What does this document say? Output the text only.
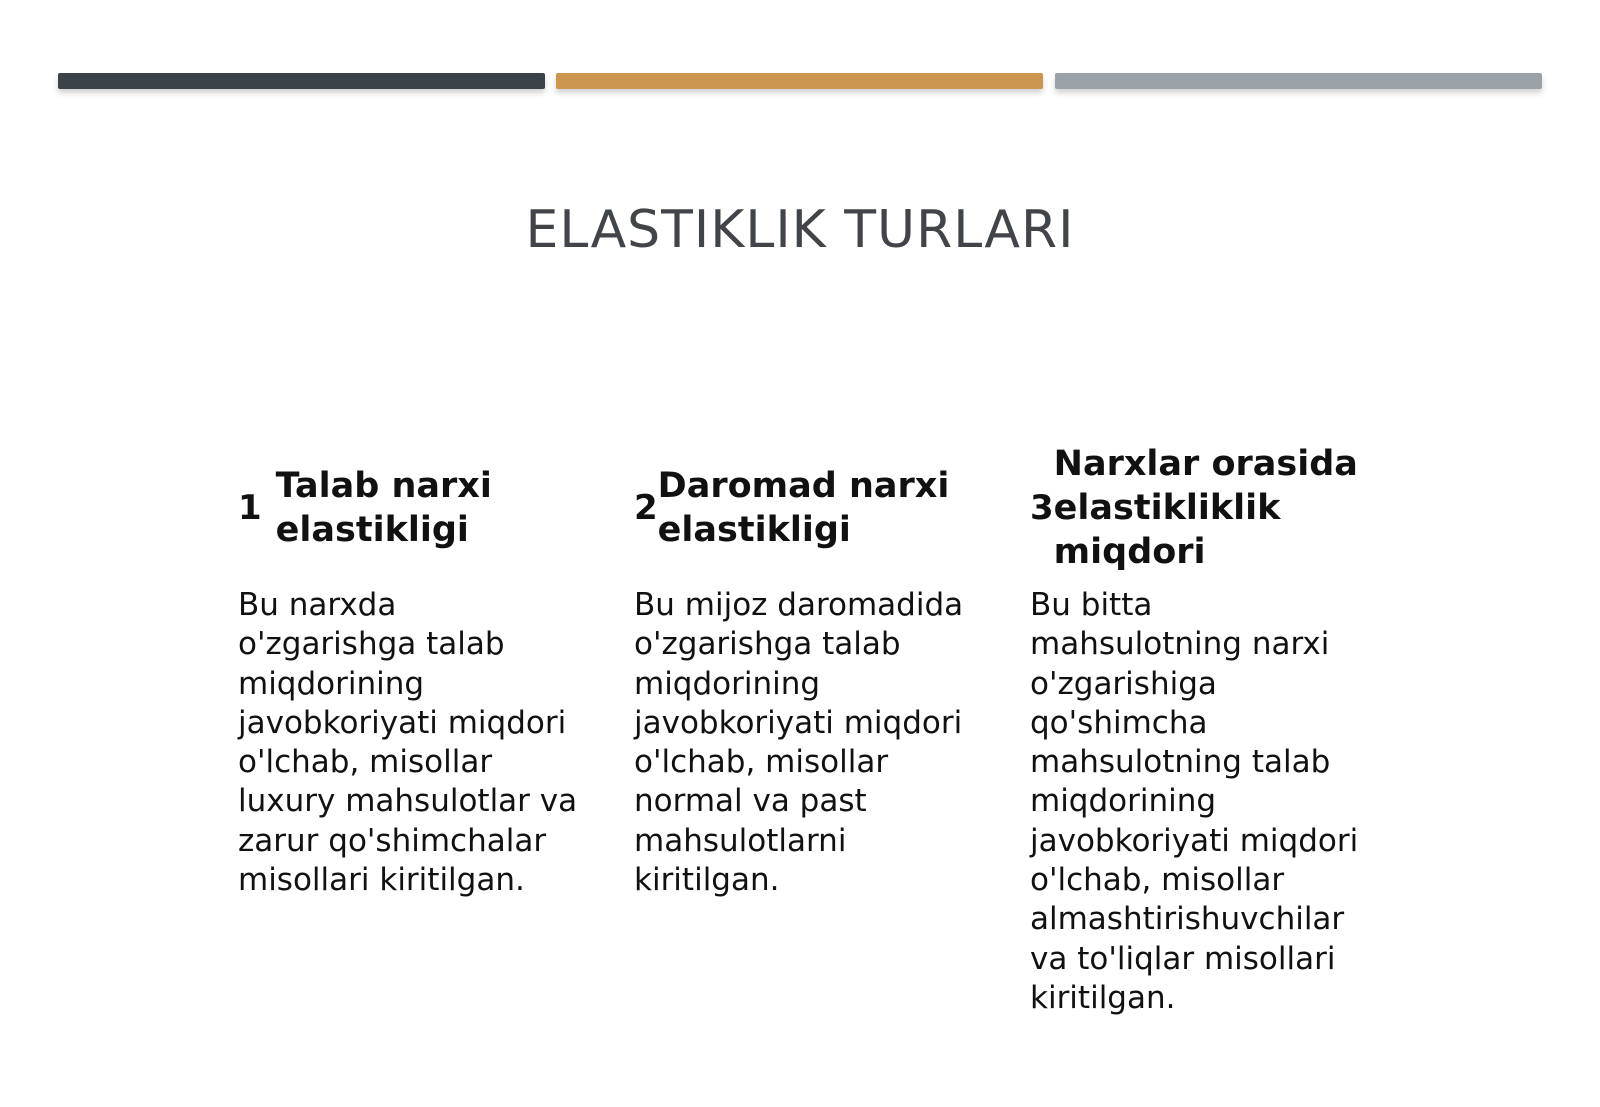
ELASTIKLIK TURLARI
1
Talab narxi elastikligi
Bu narxda o'zgarishga talab miqdorining javobkoriyati miqdori o'lchab, misollar luxury mahsulotlar va zarur qo'shimchalar misollari kiritilgan.
2
Daromad narxi elastikligi
Bu mijoz daromadida o'zgarishga talab miqdorining javobkoriyati miqdori o'lchab, misollar normal va past mahsulotlarni kiritilgan.
3
Narxlar orasida elastikliklik miqdori
Bu bitta mahsulotning narxi o'zgarishiga qo'shimcha mahsulotning talab miqdorining javobkoriyati miqdori o'lchab, misollar almashtirishuvchilar va to'liqlar misollari kiritilgan.
